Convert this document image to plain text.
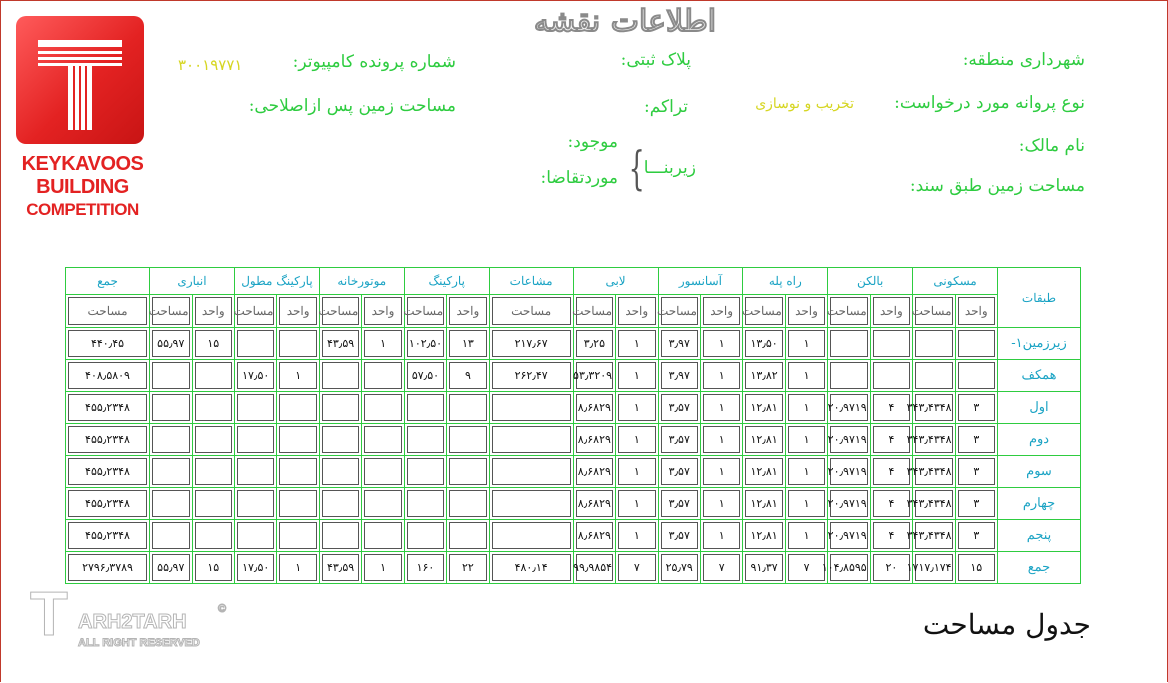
اطلاعات نقشه
KEYKAVOOS
BUILDING
COMPETITION
شهرداری منطقه:
پلاک ثبتی:
شماره پرونده کامپیوتر:
۳۰۰۱۹۷۷۱
نوع پروانه مورد درخواست:
تخریب و نوسازی
تراکم:
مساحت زمین پس ازاصلاحی:
نام مالک:
مساحت زمین طبق سند:
موجود:
موردتقاضا: {
زیربنـــا
طبقات	مسکونی		بالکن		راه پله		آسانسور		لابی		مشاعات	پارکینگ		موتورخانه		پارکینگ مطول		انباری		جمع

	واحد	مساحت	واحد	مساحت	واحد	مساحت	واحد	مساحت	واحد	مساحت	مساحت	واحد	مساحت	واحد	مساحت	واحد	مساحت	واحد	مساحت	مساحت

زیرزمین۱-					۱	۱۳٫۵۰	۱	۳٫۹۷	۱	۳٫۲۵	۲۱۷٫۶۷	۱۳	۱۰۲٫۵۰	۱	۴۳٫۵۹			۱۵	۵۵٫۹۷	۴۴۰٫۴۵

همکف					۱	۱۳٫۸۲	۱	۳٫۹۷	۱	۵۳٫۳۲۰۹	۲۶۲٫۴۷	۹	۵۷٫۵۰			۱	۱۷٫۵۰			۴۰۸٫۵۸۰۹

اول	۳	۳۴۳٫۴۳۴۸	۴	۲۰٫۹۷۱۹	۱	۱۲٫۸۱	۱	۳٫۵۷	۱	۸٫۶۸۲۹										۴۵۵٫۲۳۴۸

دوم	۳	۳۴۳٫۴۳۴۸	۴	۲۰٫۹۷۱۹	۱	۱۲٫۸۱	۱	۳٫۵۷	۱	۸٫۶۸۲۹										۴۵۵٫۲۳۴۸

سوم	۳	۳۴۳٫۴۳۴۸	۴	۲۰٫۹۷۱۹	۱	۱۲٫۸۱	۱	۳٫۵۷	۱	۸٫۶۸۲۹										۴۵۵٫۲۳۴۸

چهارم	۳	۳۴۳٫۴۳۴۸	۴	۲۰٫۹۷۱۹	۱	۱۲٫۸۱	۱	۳٫۵۷	۱	۸٫۶۸۲۹										۴۵۵٫۲۳۴۸

پنجم	۳	۳۴۳٫۴۳۴۸	۴	۲۰٫۹۷۱۹	۱	۱۲٫۸۱	۱	۳٫۵۷	۱	۸٫۶۸۲۹										۴۵۵٫۲۳۴۸

جمع	۱۵	۱۷۱۷٫۱۷۴	۲۰	۱۰۴٫۸۵۹۵	۷	۹۱٫۳۷	۷	۲۵٫۷۹	۷	۹۹٫۹۸۵۴	۴۸۰٫۱۴	۲۲	۱۶۰	۱	۴۳٫۵۹	۱	۱۷٫۵۰	۱۵	۵۵٫۹۷	۲۷۹۶٫۳۷۸۹
T ARH2TARH
ALL RIGHT RESERVED
©	جدول مساحت
